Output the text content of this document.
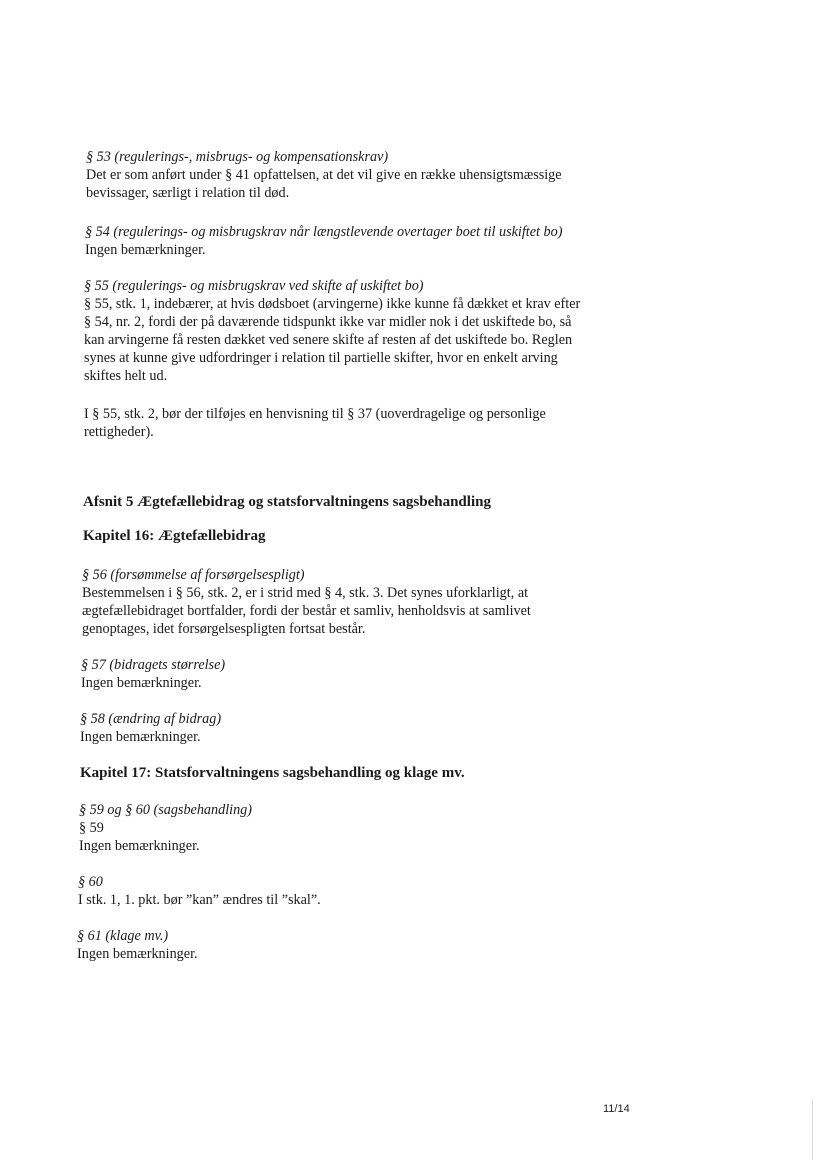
§ 53 (regulerings-, misbrugs- og kompensationskrav)
Det er som anført under § 41 opfattelsen, at det vil give en række uhensigtsmæssige
bevissager, særligt i relation til død.
§ 54 (regulerings- og misbrugskrav når længstlevende overtager boet til uskiftet bo)
Ingen bemærkninger.
§ 55 (regulerings- og misbrugskrav ved skifte af uskiftet bo)
§ 55, stk. 1, indebærer, at hvis dødsboet (arvingerne) ikke kunne få dækket et krav efter
§ 54, nr. 2, fordi der på daværende tidspunkt ikke var midler nok i det uskiftede bo, så
kan arvingerne få resten dækket ved senere skifte af resten af det uskiftede bo. Reglen
synes at kunne give udfordringer i relation til partielle skifter, hvor en enkelt arving
skiftes helt ud.
I § 55, stk. 2, bør der tilføjes en henvisning til § 37 (uoverdragelige og personlige
rettigheder).
Afsnit 5 Ægtefællebidrag og statsforvaltningens sagsbehandling
Kapitel 16: Ægtefællebidrag
§ 56 (forsømmelse af forsørgelsespligt)
Bestemmelsen i § 56, stk. 2, er i strid med § 4, stk. 3. Det synes uforklarligt, at
ægtefællebidraget bortfalder, fordi der består et samliv, henholdsvis at samlivet
genoptages, idet forsørgelsespligten fortsat består.
§ 57 (bidragets størrelse)
Ingen bemærkninger.
§ 58 (ændring af bidrag)
Ingen bemærkninger.
Kapitel 17: Statsforvaltningens sagsbehandling og klage mv.
§ 59 og § 60 (sagsbehandling)
§ 59
Ingen bemærkninger.
§ 60
I stk. 1, 1. pkt. bør ”kan” ændres til ”skal”.
§ 61 (klage mv.)
Ingen bemærkninger.
11/14
